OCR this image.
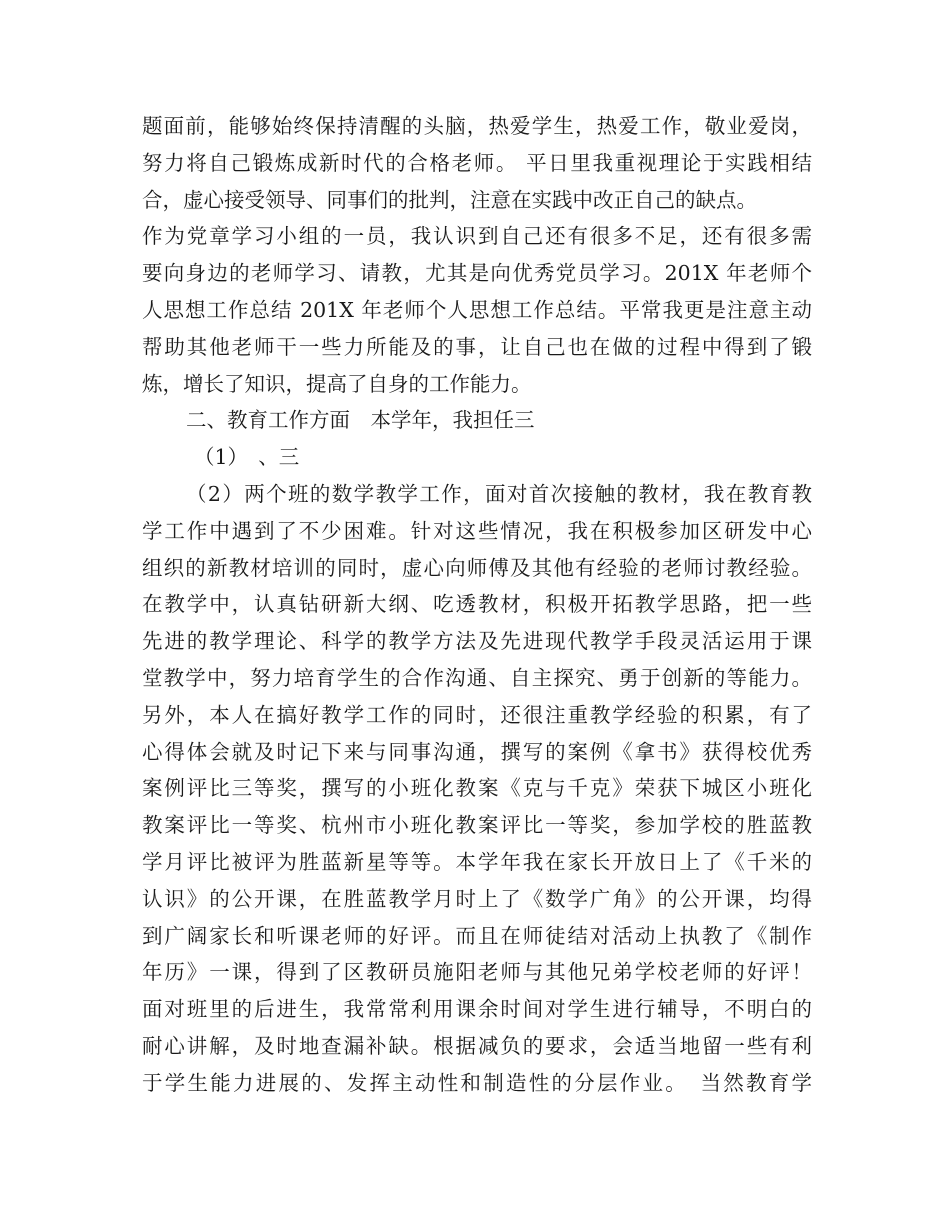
题面前，能够始终保持清醒的头脑，热爱学生，热爱工作，敬业爱岗，
努力将自己锻炼成新时代的合格老师。 平日里我重视理论于实践相结
合，虚心接受领导、同事们的批判，注意在实践中改正自己的缺点。
作为党章学习小组的一员，我认识到自己还有很多不足，还有很多需
要向身边的老师学习、请教，尤其是向优秀党员学习。201X 年老师个
人思想工作总结 201X 年老师个人思想工作总结。平常我更是注意主动
帮助其他老师干一些力所能及的事，让自己也在做的过程中得到了锻
炼，增长了知识，提高了自身的工作能力。
二、教育工作方面　本学年，我担任三
（1）　、三
（2）两个班的数学教学工作，面对首次接触的教材，我在教育教
学工作中遇到了不少困难。针对这些情况，我在积极参加区研发中心
组织的新教材培训的同时，虚心向师傅及其他有经验的老师讨教经验。
在教学中，认真钻研新大纲、吃透教材，积极开拓教学思路，把一些
先进的教学理论、科学的教学方法及先进现代教学手段灵活运用于课
堂教学中，努力培育学生的合作沟通、自主探究、勇于创新的等能力。
另外，本人在搞好教学工作的同时，还很注重教学经验的积累，有了
心得体会就及时记下来与同事沟通，撰写的案例《拿书》获得校优秀
案例评比三等奖，撰写的小班化教案《克与千克》荣获下城区小班化
教案评比一等奖、杭州市小班化教案评比一等奖，参加学校的胜蓝教
学月评比被评为胜蓝新星等等。本学年我在家长开放日上了《千米的
认识》的公开课，在胜蓝教学月时上了《数学广角》的公开课，均得
到广阔家长和听课老师的好评。而且在师徒结对活动上执教了《制作
年历》一课，得到了区教研员施阳老师与其他兄弟学校老师的好评！
面对班里的后进生，我常常利用课余时间对学生进行辅导，不明白的
耐心讲解，及时地查漏补缺。根据减负的要求，会适当地留一些有利
于学生能力进展的、发挥主动性和制造性的分层作业。　当然教育学
